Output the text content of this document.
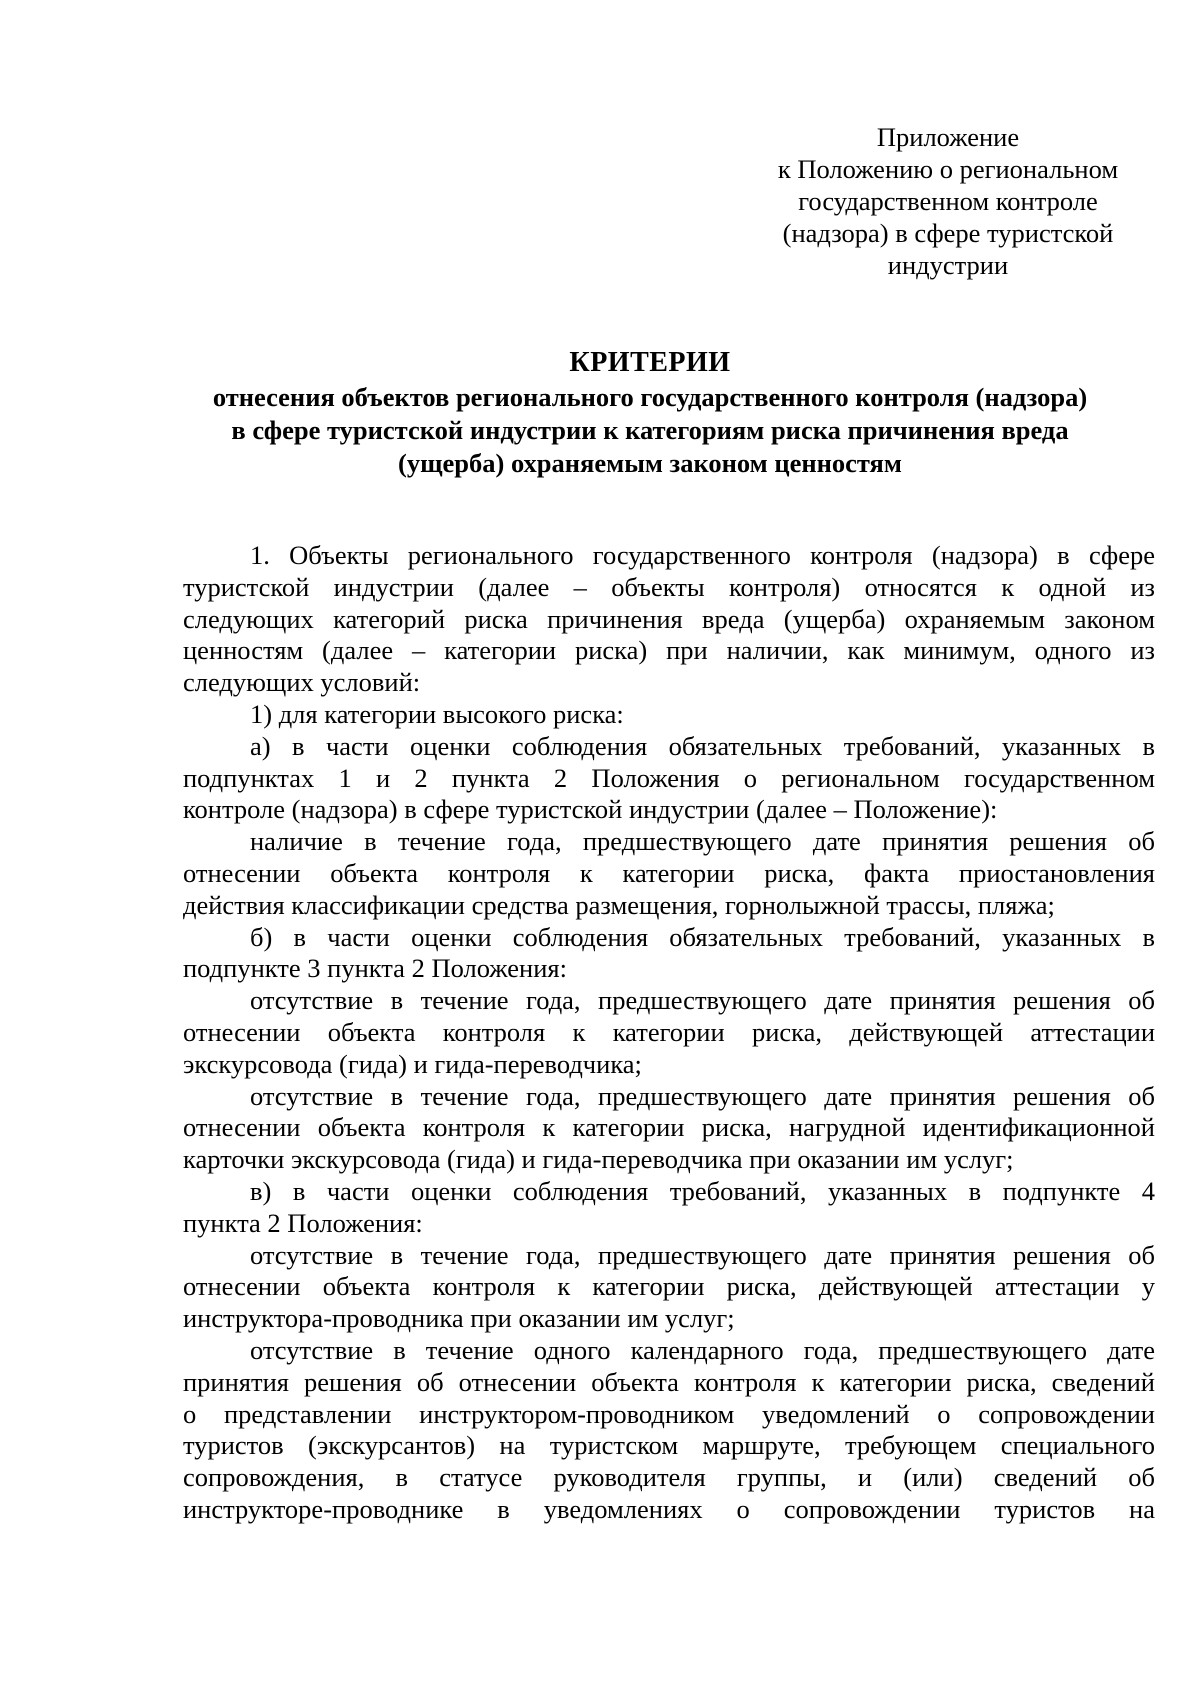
Приложение
к Положению о региональном
государственном контроле
(надзора) в сфере туристской
индустрии
КРИТЕРИИ
отнесения объектов регионального государственного контроля (надзора)
в сфере туристской индустрии к категориям риска причинения вреда
(ущерба) охраняемым законом ценностям
1. Объекты регионального государственного контроля (надзора) в сфере
туристской индустрии (далее – объекты контроля) относятся к одной из
следующих категорий риска причинения вреда (ущерба) охраняемым законом
ценностям (далее – категории риска) при наличии, как минимум, одного из
следующих условий:
1) для категории высокого риска:
а) в части оценки соблюдения обязательных требований, указанных в
подпунктах 1 и 2 пункта 2 Положения о региональном государственном
контроле (надзора) в сфере туристской индустрии (далее – Положение):
наличие в течение года, предшествующего дате принятия решения об
отнесении объекта контроля к категории риска, факта приостановления
действия классификации средства размещения, горнолыжной трассы, пляжа;
б) в части оценки соблюдения обязательных требований, указанных в
подпункте 3 пункта 2 Положения:
отсутствие в течение года, предшествующего дате принятия решения об
отнесении объекта контроля к категории риска, действующей аттестации
экскурсовода (гида) и гида-переводчика;
отсутствие в течение года, предшествующего дате принятия решения об
отнесении объекта контроля к категории риска, нагрудной идентификационной
карточки экскурсовода (гида) и гида-переводчика при оказании им услуг;
в) в части оценки соблюдения требований, указанных в подпункте 4
пункта 2 Положения:
отсутствие в течение года, предшествующего дате принятия решения об
отнесении объекта контроля к категории риска, действующей аттестации у
инструктора-проводника при оказании им услуг;
отсутствие в течение одного календарного года, предшествующего дате
принятия решения об отнесении объекта контроля к категории риска, сведений
о представлении инструктором-проводником уведомлений о сопровождении
туристов (экскурсантов) на туристском маршруте, требующем специального
сопровождения, в статусе руководителя группы, и (или) сведений об
инструкторе-проводнике в уведомлениях о сопровождении туристов на
